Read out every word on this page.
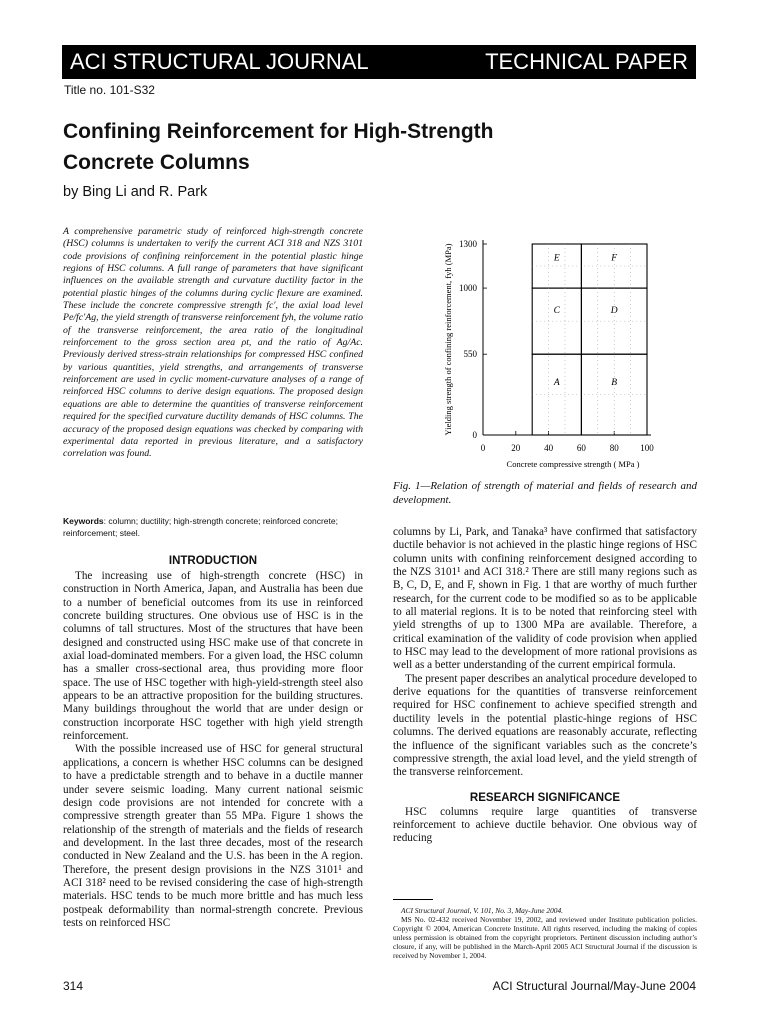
ACI STRUCTURAL JOURNAL	TECHNICAL PAPER
Title no. 101-S32
Confining Reinforcement for High-Strength
Concrete Columns
by Bing Li and R. Park

A comprehensive parametric study of reinforced high-strength concrete (HSC) columns is undertaken to verify the current ACI 318 and NZS 3101 code provisions of confining reinforcement in the potential plastic hinge regions of HSC columns. A full range of parameters that have significant influences on the available strength and curvature ductility factor in the potential plastic hinges of the columns during cyclic flexure are examined. These include the concrete compressive strength fc′, the axial load level Pe/fc′Ag, the yield strength of transverse reinforcement fyh, the volume ratio of the transverse reinforcement, the area ratio of the longitudinal reinforcement to the gross section area ρt, and the ratio of Ag/Ac. Previously derived stress-strain relationships for compressed HSC confined by various quantities, yield strengths, and arrangements of transverse reinforcement are used in cyclic moment-curvature analyses of a range of reinforced HSC columns to derive design equations. The proposed design equations are able to determine the quantities of transverse reinforcement required for the specified curvature ductility demands of HSC columns. The accuracy of the proposed design equations was checked by comparing with experimental data reported in previous literature, and a satisfactory correlation was found.

Keywords: column; ductility; high-strength concrete; reinforced concrete; reinforcement; steel.

INTRODUCTION

The increasing use of high-strength concrete (HSC) in construction in North America, Japan, and Australia has been due to a number of beneficial outcomes from its use in reinforced concrete building structures. One obvious use of HSC is in the columns of tall structures. Most of the structures that have been designed and constructed using HSC make use of that concrete in axial load-dominated members. For a given load, the HSC column has a smaller cross-sectional area, thus providing more floor space. The use of HSC together with high-yield-strength steel also appears to be an attractive proposition for the building structures. Many buildings throughout the world that are under design or construction incorporate HSC together with high yield strength reinforcement.

With the possible increased use of HSC for general structural applications, a concern is whether HSC columns can be designed to have a predictable strength and to behave in a ductile manner under severe seismic loading. Many current national seismic design code provisions are not intended for concrete with a compressive strength greater than 55 MPa. Figure 1 shows the relationship of the strength of materials and the fields of research and development. In the last three decades, most of the research conducted in New Zealand and the U.S. has been in the A region. Therefore, the present design provisions in the NZS 3101¹ and ACI 318² need to be revised considering the case of high-strength materials. HSC tends to be much more brittle and has much less postpeak deformability than normal-strength concrete. Previous tests on reinforced HSC

0	20	40	60	80 100
0
550
1000
1300
A	B
C	D
E	F
Concrete compressive strength ( MPa )
Yielding strength of confining reinforcement, fyh (MPa)

Fig. 1—Relation of strength of material and fields of research and development.

columns by Li, Park, and Tanaka³ have confirmed that satisfactory ductile behavior is not achieved in the plastic hinge regions of HSC column units with confining reinforcement designed according to the NZS 3101¹ and ACI 318.² There are still many regions such as B, C, D, E, and F, shown in Fig. 1 that are worthy of much further research, for the current code to be modified so as to be applicable to all material regions. It is to be noted that reinforcing steel with yield strengths of up to 1300 MPa are available. Therefore, a critical examination of the validity of code provision when applied to HSC may lead to the development of more rational provisions as well as a better understanding of the current empirical formula.

The present paper describes an analytical procedure developed to derive equations for the quantities of transverse reinforcement required for HSC confinement to achieve specified strength and ductility levels in the potential plastic-hinge regions of HSC columns. The derived equations are reasonably accurate, reflecting the influence of the significant variables such as the concrete’s compressive strength, the axial load level, and the yield strength of the transverse reinforcement.

RESEARCH SIGNIFICANCE

HSC columns require large quantities of transverse reinforcement to achieve ductile behavior. One obvious way of reducing

ACI Structural Journal, V. 101, No. 3, May-June 2004.

MS No. 02-432 received November 19, 2002, and reviewed under Institute publication policies. Copyright © 2004, American Concrete Institute. All rights reserved, including the making of copies unless permission is obtained from the copyright proprietors. Pertinent discussion including author’s closure, if any, will be published in the March-April 2005 ACI Structural Journal if the discussion is received by November 1, 2004.

314	ACI Structural Journal/May-June 2004
